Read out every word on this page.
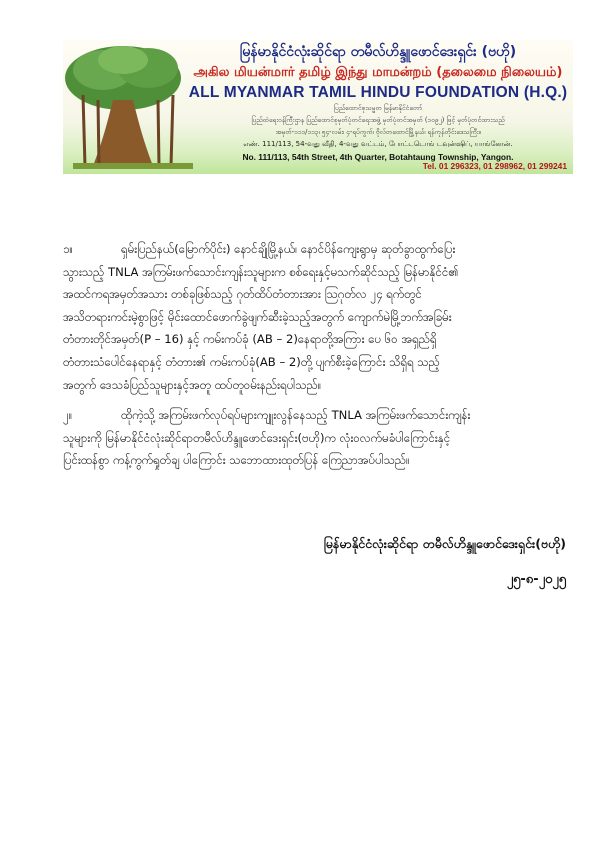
မြန်မာနိုင်ငံလုံးဆိုင်ရာ တမီလ်ဟိန္ဒူဖောင်ဒေးရှင်း (ဗဟို)
அகில மியன்மார் தமிழ் இந்து மாமன்றம் (தலைமை நிலையம்)
ALL MYANMAR TAMIL HINDU FOUNDATION (H.Q.)
ပြည်ထောင်စုသမ္မတ မြန်မာနိုင်ငံတော်
ပြည်ထဲရေးဝန်ကြီးဌာန ပြည်ထောင်စုမှတ်ပုံတင်ရေးအဖွဲ့ မှတ်ပုံတင်အမှတ် (၁၀၉၂) ဖြင့် မှတ်ပုံတင်ထားသည်
အမှတ်-၁၁၁/၁၁၃၊ ၅၄-လမ်း၊ ၄-ရပ်ကွက်၊ ဗိုလ်တထောင်မြို့နယ်၊ ရန်ကုန်တိုင်းဒေသကြီး။
எண். 111/113, 54-வது வீதி, 4-வது வட்டம், போட்டடொங் டவுன்ஷிப், யாங்கோன்.
No. 111/113, 54th Street, 4th Quarter, Botahtaung Township, Yangon.
Tel. 01 296323, 01 298962, 01 299241
၁။	ရှမ်းပြည်နယ်(မြောက်ပိုင်း) နောင်ချိုမြို့နယ်၊ နောင်ပိန်ကျေးရွာမှ ဆုတ်ခွာထွက်ပြေး
သွားသည့် TNLA အကြမ်းဖက်သောင်းကျန်းသူများက စစ်ရေးနှင့်မသက်ဆိုင်သည့် မြန်မာနိုင်ငံ၏
အထင်ကရအမှတ်အသား တစ်ခုဖြစ်သည့် ဂုတ်ထိပ်တံတားအား ဩဂုတ်လ ၂၄ ရက်တွင်
အသိတရားကင်းမဲ့စွာဖြင့် မိုင်းထောင်ဖောက်ခွဲဖျက်ဆီးခဲ့သည့်အတွက် ကျောက်မဲမြို့ဘက်အခြမ်း
တံတားတိုင်အမှတ်(P – 16) နှင့် ကမ်းကပ်ခုံ (AB – 2)နေရာတို့အကြား ပေ ၆၀ အရှည်ရှိ
တံတားသံပေါင်နေရာနှင့် တံတား၏ ကမ်းကပ်ခုံ(AB – 2)တို့ ပျက်စီးခဲ့ကြောင်း သိရှိရ သည့်
အတွက် ဒေသခံပြည်သူများနှင့်အတူ ထပ်တူဝမ်းနည်းရပါသည်။
၂။	ထိုကဲ့သို့ အကြမ်းဖက်လုပ်ရပ်များကျူးလွန်နေသည့် TNLA အကြမ်းဖက်သောင်းကျန်း
သူများကို မြန်မာနိုင်ငံလုံးဆိုင်ရာတမီလ်ဟိန္ဒူဖောင်ဒေးရှင်း(ဗဟို)က လုံးဝလက်မခံပါကြောင်းနှင့်
ပြင်းထန်စွာ ကန့်ကွက်ရှုတ်ချ ပါကြောင်း သဘောထားထုတ်ပြန် ကြေညာအပ်ပါသည်။
မြန်မာနိုင်ငံလုံးဆိုင်ရာ တမီလ်ဟိန္ဒူဖောင်ဒေးရှင်း(ဗဟို)
၂၅-၈-၂၀၂၅
